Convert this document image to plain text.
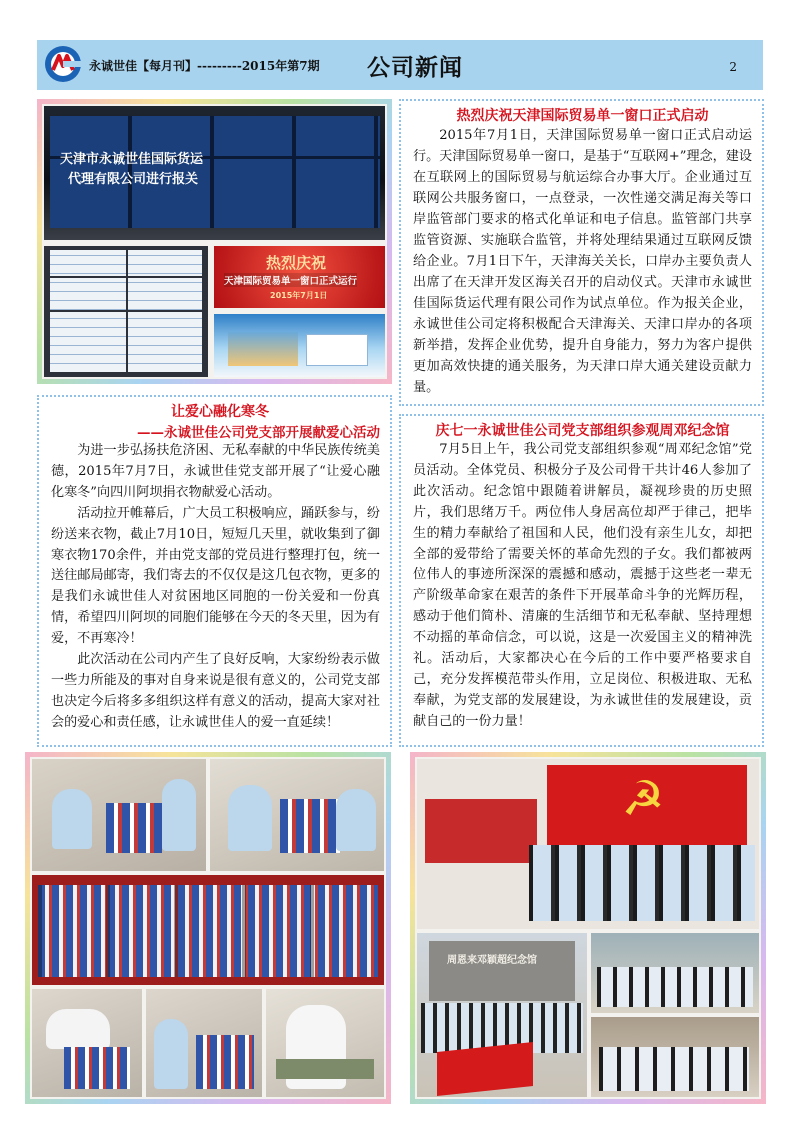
永诚世佳【每月刊】---------2015年第7期 公司新闻	2
天津市永诚世佳国际货运
代理有限公司进行报关
热烈庆祝
天津国际贸易单一窗口正式运行
2015年7月1日
热烈庆祝天津国际贸易单一窗口正式启动

2015年7月1日，天津国际贸易单一窗口正式启动运行。天津国际贸易单一窗口，是基于“互联网+”理念，建设在互联网上的国际贸易与航运综合办事大厅。企业通过互联网公共服务窗口，一点登录，一次性递交满足海关等口岸监管部门要求的格式化单证和电子信息。监管部门共享监管资源、实施联合监管，并将处理结果通过互联网反馈给企业。7月1日下午，天津海关关长，口岸办主要负责人出席了在天津开发区海关召开的启动仪式。天津市永诚世佳国际货运代理有限公司作为试点单位。作为报关企业，永诚世佳公司定将积极配合天津海关、天津口岸办的各项新举措，发挥企业优势，提升自身能力，努力为客户提供更加高效快捷的通关服务，为天津口岸大通关建设贡献力量。

让爱心融化寒冬
——永诚世佳公司党支部开展献爱心活动

为进一步弘扬扶危济困、无私奉献的中华民族传统美德，2015年7月7日，永诚世佳党支部开展了“让爱心融化寒冬”向四川阿坝捐衣物献爱心活动。

活动拉开帷幕后，广大员工积极响应，踊跃参与，纷纷送来衣物，截止7月10日，短短几天里，就收集到了御寒衣物170余件，并由党支部的党员进行整理打包，统一送往邮局邮寄，我们寄去的不仅仅是这几包衣物，更多的是我们永诚世佳人对贫困地区同胞的一份关爱和一份真情，希望四川阿坝的同胞们能够在今天的冬天里，因为有爱，不再寒冷！

此次活动在公司内产生了良好反响，大家纷纷表示做一些力所能及的事对自身来说是很有意义的，公司党支部也决定今后将多多组织这样有意义的活动，提高大家对社会的爱心和责任感，让永诚世佳人的爱一直延续！

庆七一永诚世佳公司党支部组织参观周邓纪念馆

7月5日上午，我公司党支部组织参观“周邓纪念馆”党员活动。全体党员、积极分子及公司骨干共计46人参加了此次活动。纪念馆中跟随着讲解员，凝视珍贵的历史照片，我们思绪万千。两位伟人身居高位却严于律己，把毕生的精力奉献给了祖国和人民，他们没有亲生儿女，却把全部的爱带给了需要关怀的革命先烈的子女。我们都被两位伟人的事迹所深深的震撼和感动，震撼于这些老一辈无产阶级革命家在艰苦的条件下开展革命斗争的光辉历程，感动于他们简朴、清廉的生活细节和无私奉献、坚持理想不动摇的革命信念，可以说，这是一次爱国主义的精神洗礼。活动后，大家都决心在今后的工作中要严格要求自己，充分发挥模范带头作用，立足岗位、积极进取、无私奉献，为党支部的发展建设，为永诚世佳的发展建设，贡献自己的一份力量！

☭
周恩来邓颖超纪念馆
